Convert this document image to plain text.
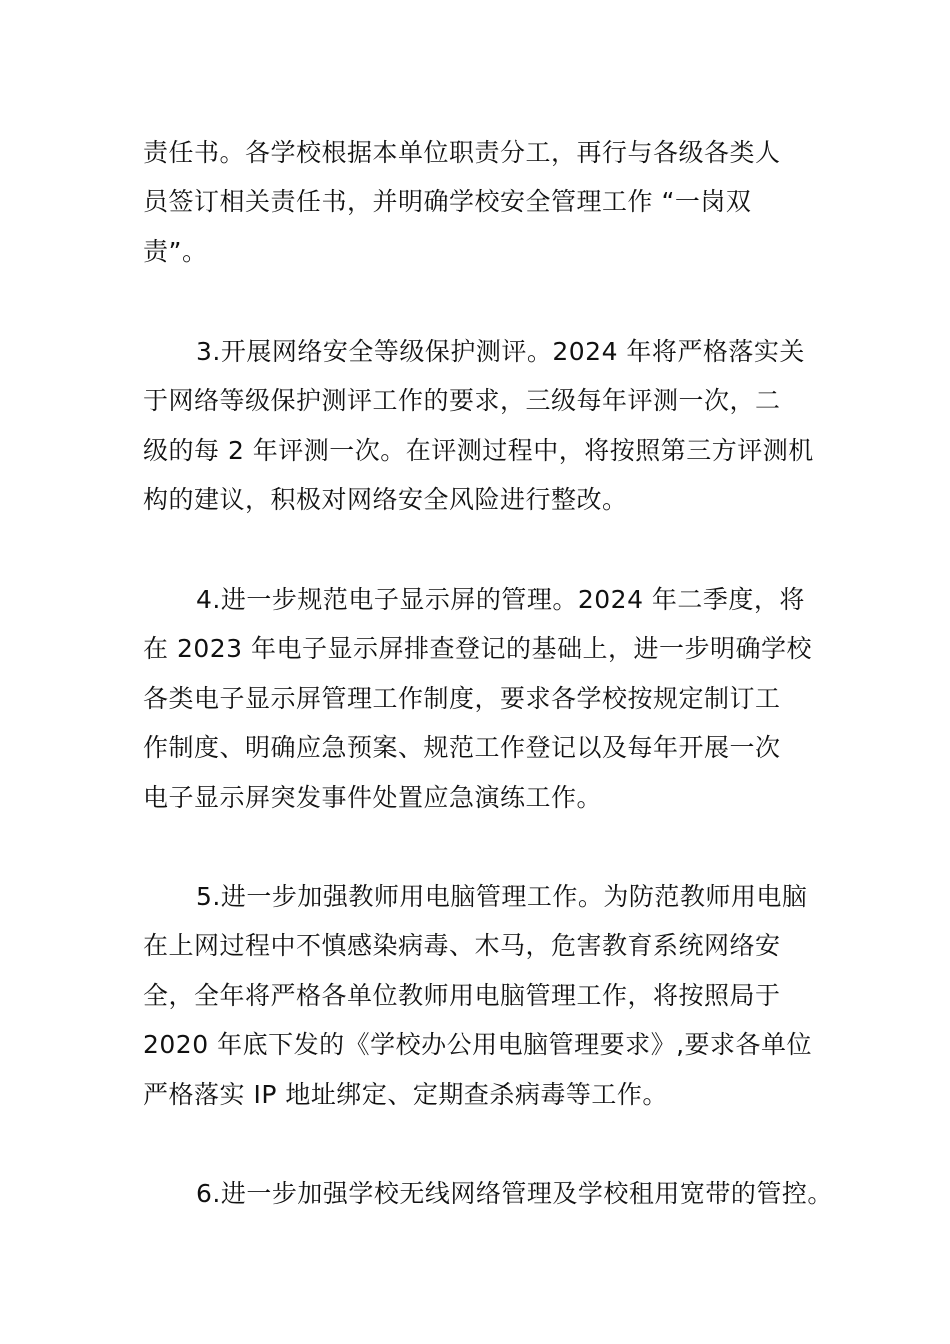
责任书。各学校根据本单位职责分工，再行与各级各类人
员签订相关责任书，并明确学校安全管理工作 “一岗双
责”。
3.开展网络安全等级保护测评。2024 年将严格落实关
于网络等级保护测评工作的要求，三级每年评测一次，二
级的每 2 年评测一次。在评测过程中，将按照第三方评测机
构的建议，积极对网络安全风险进行整改。
4.进一步规范电子显示屏的管理。2024 年二季度，将
在 2023 年电子显示屏排查登记的基础上，进一步明确学校
各类电子显示屏管理工作制度，要求各学校按规定制订工
作制度、明确应急预案、规范工作登记以及每年开展一次
电子显示屏突发事件处置应急演练工作。
5.进一步加强教师用电脑管理工作。为防范教师用电脑
在上网过程中不慎感染病毒、木马，危害教育系统网络安
全，全年将严格各单位教师用电脑管理工作，将按照局于
2020 年底下发的《学校办公用电脑管理要求》,要求各单位
严格落实 IP 地址绑定、定期查杀病毒等工作。
6.进一步加强学校无线网络管理及学校租用宽带的管控。
